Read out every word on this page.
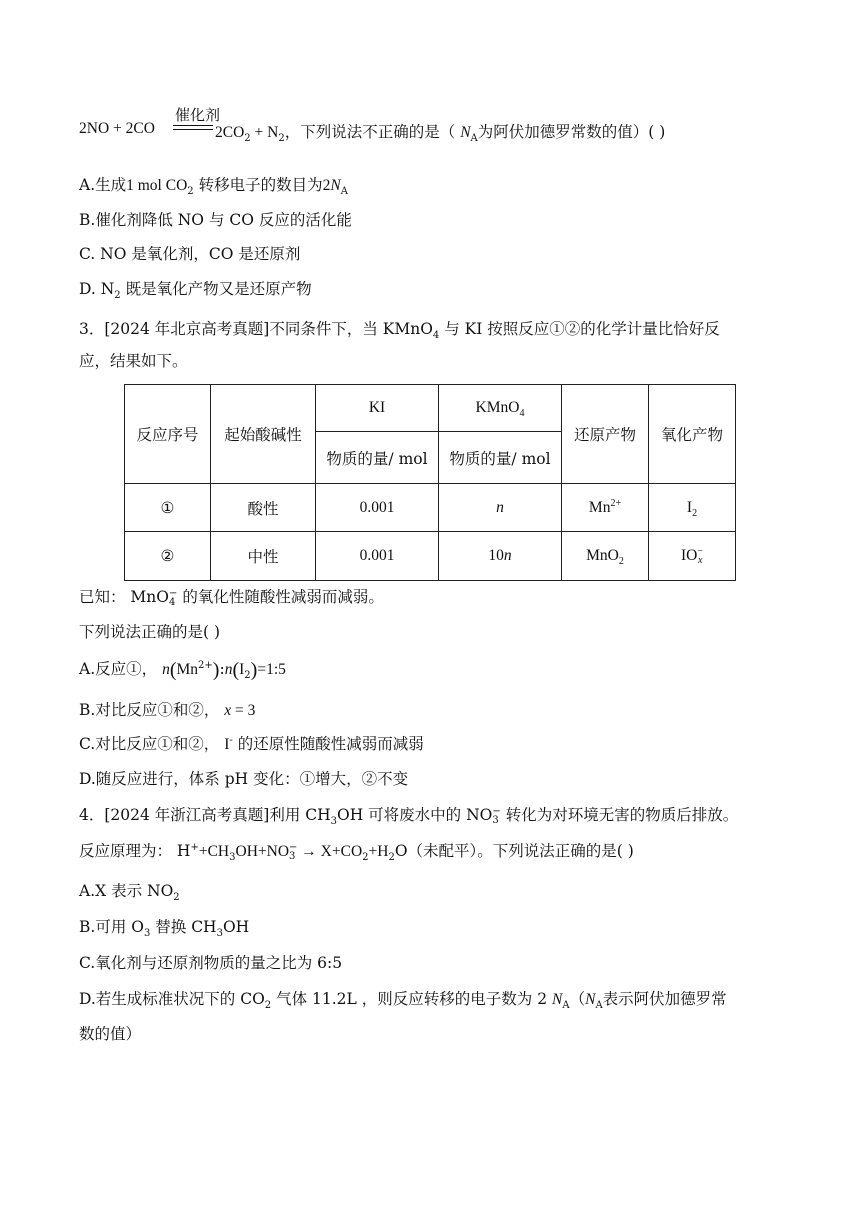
2NO + 2CO
催化剂
$2CO_2 + N_2$，下列说法不正确的是（ $N_A$为阿伏加德罗常数的值）( )
A.生成1 mol $CO_2$ 转移电子的数目为$2N_A$
B.催化剂降低 NO 与 CO 反应的活化能
C. NO 是氧化剂，CO 是还原剂
D. $N_2$ 既是氧化产物又是还原产物
3．[2024 年北京高考真题]不同条件下，当 KMnO$_4$ 与 KI 按照反应①②的化学计量比恰好反
应，结果如下。
反应序号	起始酸碱性	KI	KMnO$_4$	还原产物	氧化产物
		物质的量/ mol	物质的量/ mol		
①	酸性	0.001	n	$Mn^{2+}$	$I_2$
②	中性	0.001	10n	MnO$_2$	IO−
x
已知： MnO−
4 的氧化性随酸性减弱而减弱。
下列说法正确的是( )
A.反应①， $n(Mn^{2+}):n(I_2)=1:5$
B.对比反应①和②， x = 3
C.对比反应①和②， I- 的还原性随酸性减弱而减弱
D.随反应进行，体系 pH 变化：①增大，②不变
4．[2024 年浙江高考真题]利用 $CH_3OH$ 可将废水中的 NO−
3 转化为对环境无害的物质后排放。
反应原理为： $H^++CH_3OH+NO-$
$3 \to X+CO_2+H_2O$（未配平）。下列说法正确的是( )
A.X 表示 $NO_2$
B.可用 $O_3$ 替换 $CH_3OH$
C.氧化剂与还原剂物质的量之比为 6:5
D.若生成标准状况下的 $CO_2$ 气体 11.2L ，则反应转移的电子数为 2 $N_A(N_A$表示阿伏加德罗常
数的值）
